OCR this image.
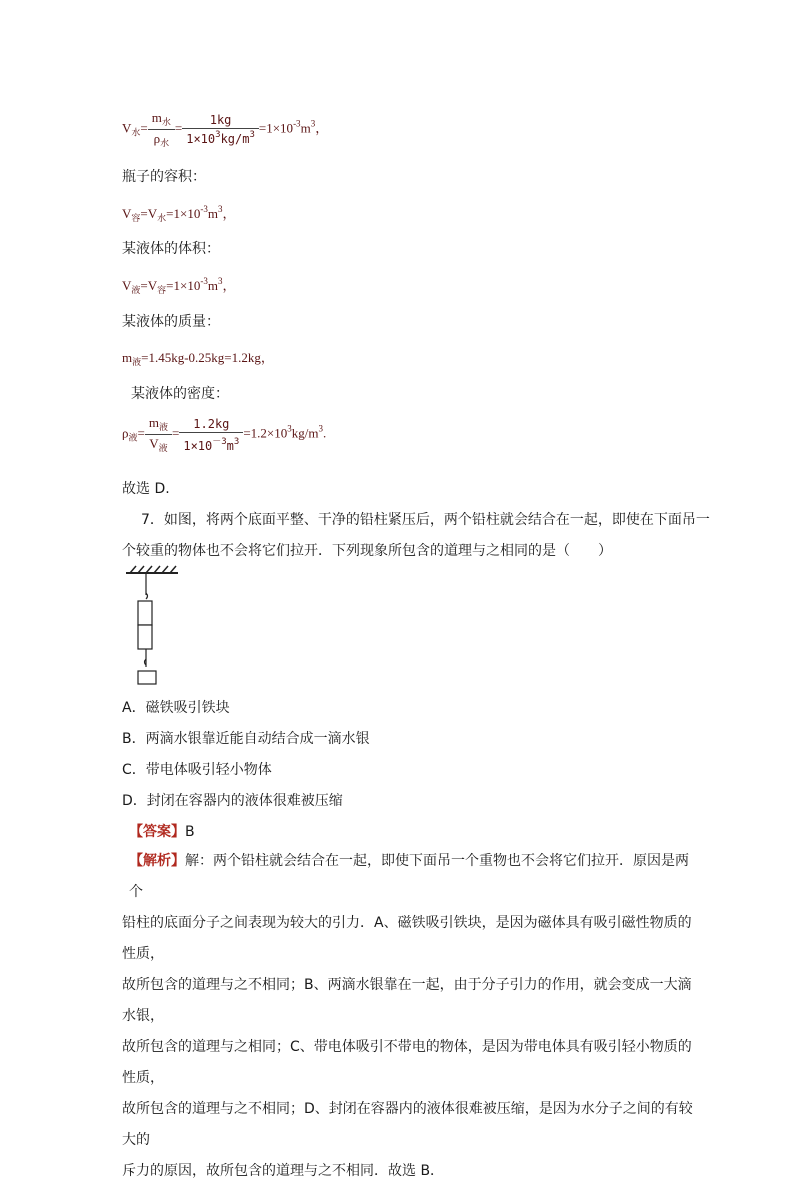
$V_水= \frac{m_水}{\rho_水} = \frac{1kg}{1\times 10^3kg/m^3} =1\times 10^{-3}m^3$，
瓶子的容积：
$V_容=V_水=1\times 10^{-3}m^3$，
某液体的体积：
$V_液=V_容=1\times 10^{-3}m^3$，
某液体的质量：
$m_液=1.45kg-0.25kg=1.2kg$，
某液体的密度：
$\rho_液= \frac{m_液}{V_液} = \frac{1.2kg}{1\times 10^{-3}m^3} =1.2\times 10^3kg/m^3$.
故选 D.
7．如图，将两个底面平整、干净的铅柱紧压后，两个铅柱就会结合在一起，即使在下面吊一
个较重的物体也不会将它们拉开．下列现象所包含的道理与之相同的是（　　）
A．磁铁吸引铁块
B．两滴水银靠近能自动结合成一滴水银
C．带电体吸引轻小物体
D．封闭在容器内的液体很难被压缩
【答案】B
【解析】解：两个铅柱就会结合在一起，即使下面吊一个重物也不会将它们拉开．原因是两个
铅柱的底面分子之间表现为较大的引力．A、磁铁吸引铁块，是因为磁体具有吸引磁性物质的性质，
故所包含的道理与之不相同；B、两滴水银靠在一起，由于分子引力的作用，就会变成一大滴水银，
故所包含的道理与之相同；C、带电体吸引不带电的物体，是因为带电体具有吸引轻小物质的性质，
故所包含的道理与之不相同；D、封闭在容器内的液体很难被压缩，是因为水分子之间的有较大的
斥力的原因，故所包含的道理与之不相同．故选 B．
